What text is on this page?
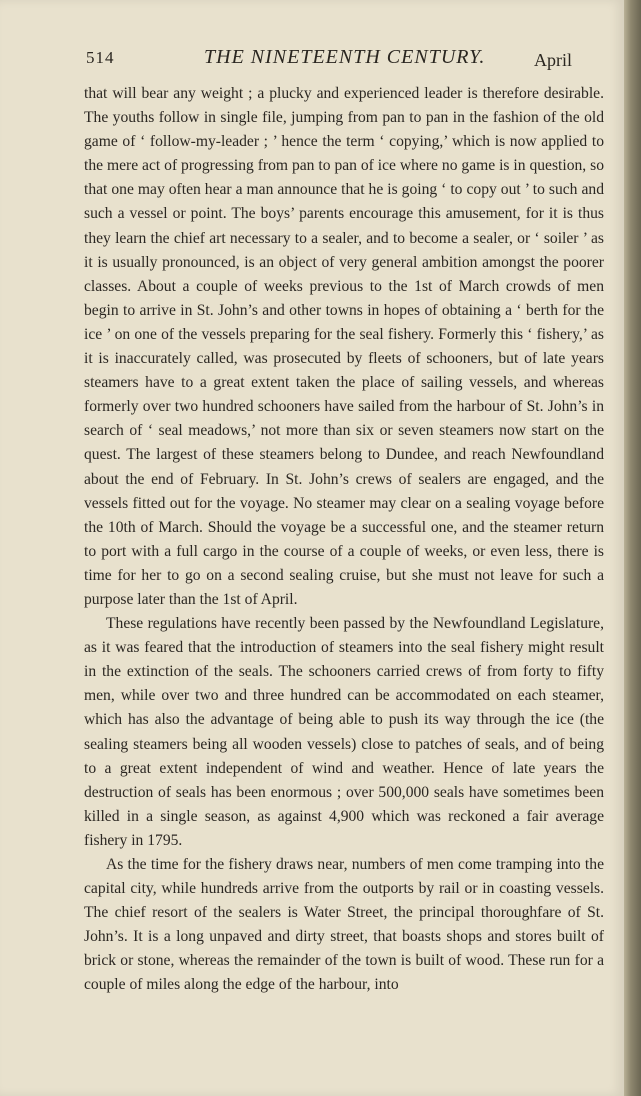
514	THE NINETEENTH CENTURY.	April

that will bear any weight ; a plucky and experienced leader is therefore desirable. The youths follow in single file, jumping from pan to pan in the fashion of the old game of ‘ follow-my-leader ; ’ hence the term ‘ copying,’ which is now applied to the mere act of progressing from pan to pan of ice where no game is in question, so that one may often hear a man announce that he is going ‘ to copy out ’ to such and such a vessel or point. The boys’ parents encourage this amusement, for it is thus they learn the chief art necessary to a sealer, and to become a sealer, or ‘ soiler ’ as it is usually pronounced, is an object of very general ambition amongst the poorer classes. About a couple of weeks previous to the 1st of March crowds of men begin to arrive in St. John’s and other towns in hopes of obtaining a ‘ berth for the ice ’ on one of the vessels preparing for the seal fishery. Formerly this ‘ fishery,’ as it is inaccurately called, was prosecuted by fleets of schooners, but of late years steamers have to a great extent taken the place of sailing vessels, and whereas formerly over two hundred schooners have sailed from the harbour of St. John’s in search of ‘ seal meadows,’ not more than six or seven steamers now start on the quest. The largest of these steamers belong to Dundee, and reach Newfoundland about the end of February. In St. John’s crews of sealers are engaged, and the vessels fitted out for the voyage. No steamer may clear on a sealing voyage before the 10th of March. Should the voyage be a successful one, and the steamer return to port with a full cargo in the course of a couple of weeks, or even less, there is time for her to go on a second sealing cruise, but she must not leave for such a purpose later than the 1st of April.

These regulations have recently been passed by the Newfoundland Legislature, as it was feared that the introduction of steamers into the seal fishery might result in the extinction of the seals. The schooners carried crews of from forty to fifty men, while over two and three hundred can be accommodated on each steamer, which has also the advantage of being able to push its way through the ice (the sealing steamers being all wooden vessels) close to patches of seals, and of being to a great extent independent of wind and weather. Hence of late years the destruction of seals has been enormous ; over 500,000 seals have sometimes been killed in a single season, as against 4,900 which was reckoned a fair average fishery in 1795.

As the time for the fishery draws near, numbers of men come tramping into the capital city, while hundreds arrive from the outports by rail or in coasting vessels. The chief resort of the sealers is Water Street, the principal thoroughfare of St. John’s. It is a long unpaved and dirty street, that boasts shops and stores built of brick or stone, whereas the remainder of the town is built of wood. These run for a couple of miles along the edge of the harbour, into
